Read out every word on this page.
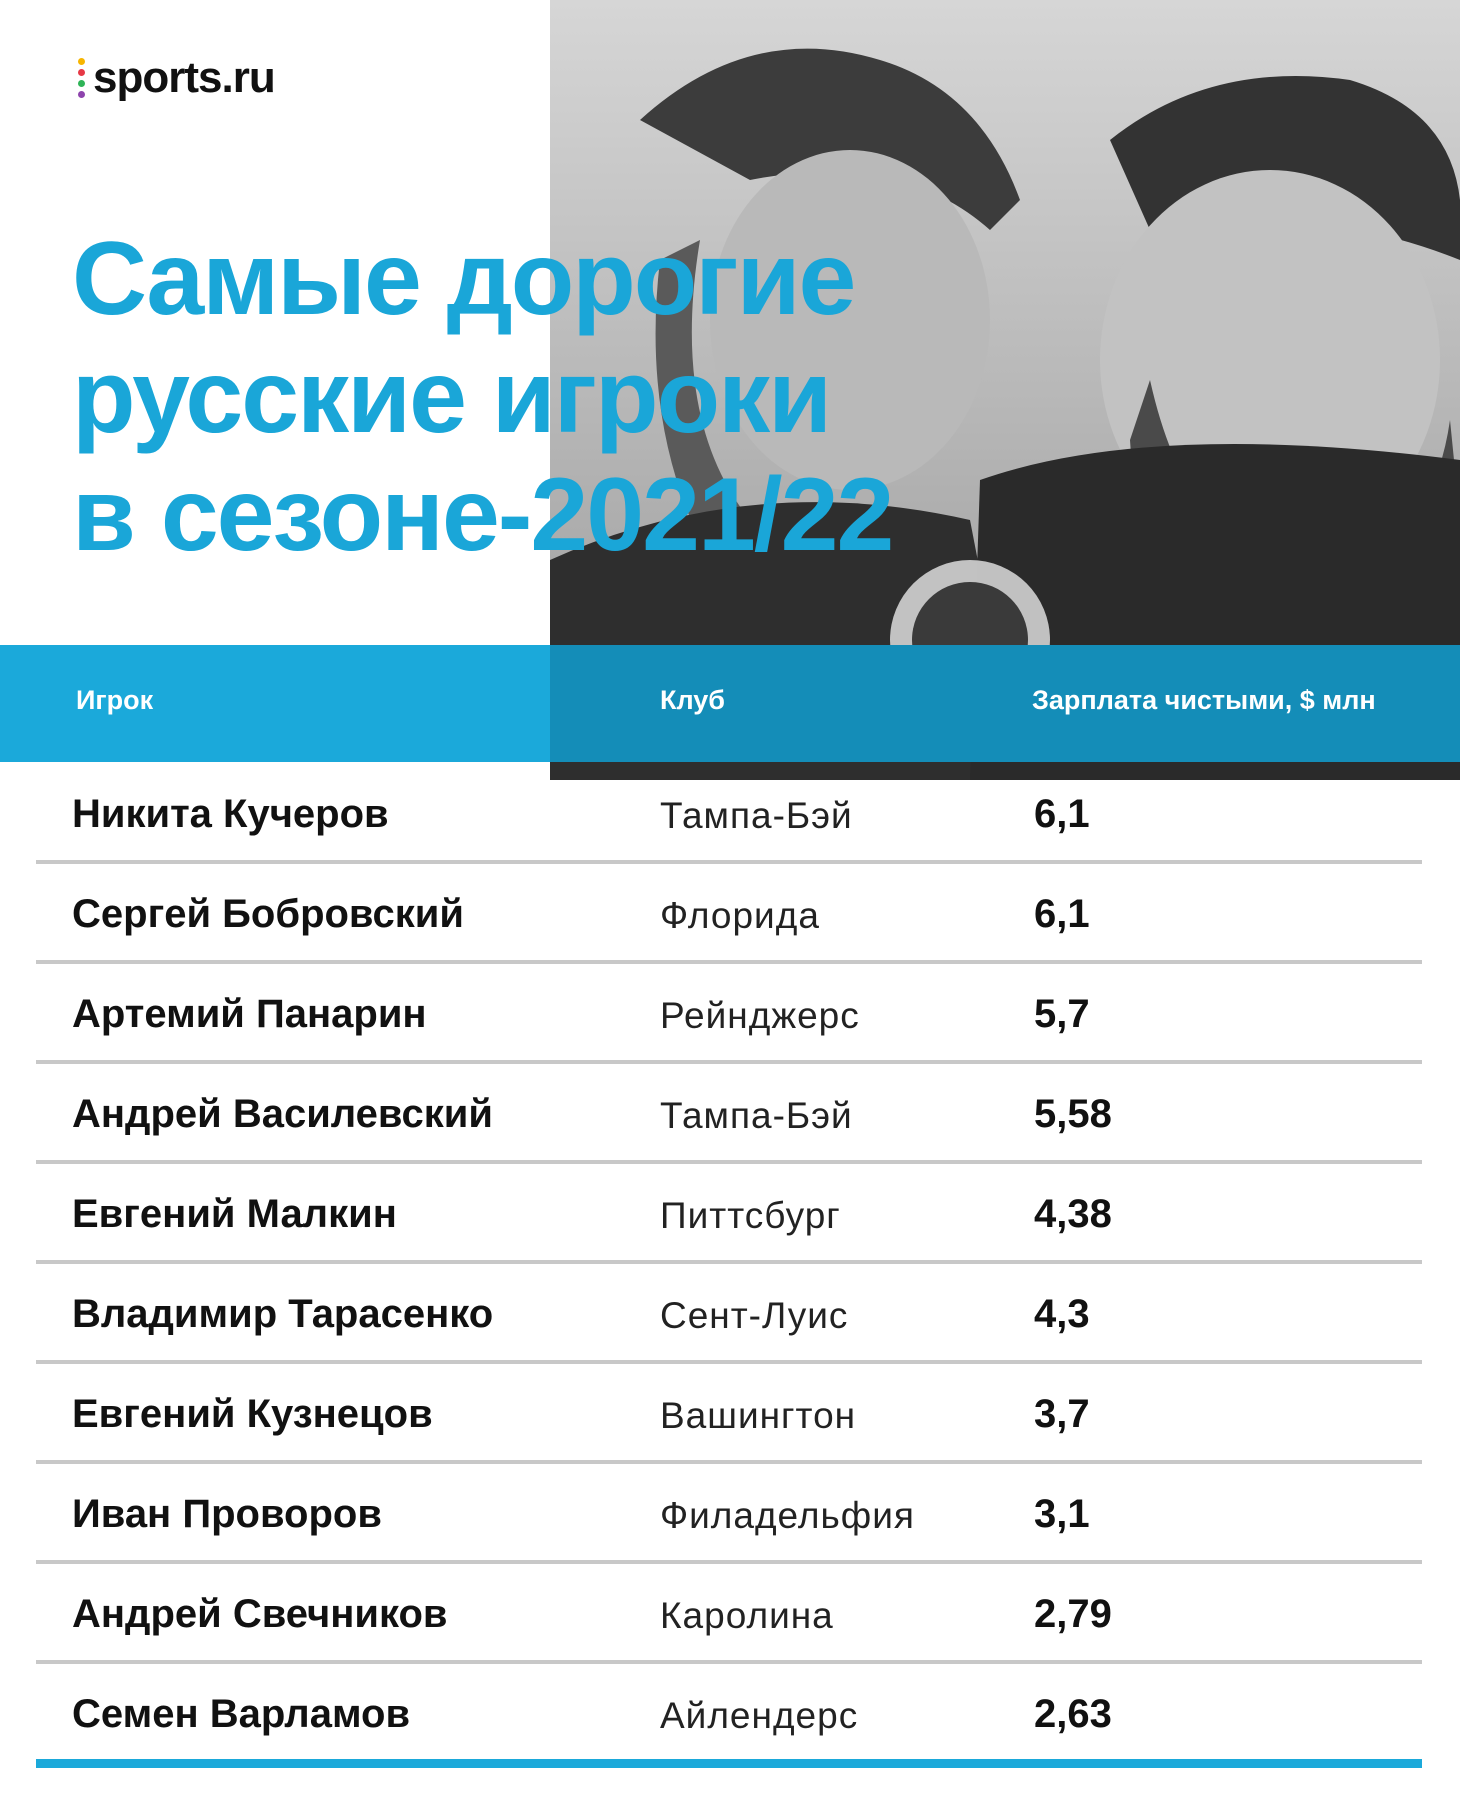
sports.ru
Самые дорогие
русские игроки
в сезоне-2021/22
Игрок	Клуб	Зарплата чистыми, $ млн
Никита Кучеров	Тампа-Бэй	6,1
Сергей Бобровский	Флорида	6,1
Артемий Панарин	Рейнджерс	5,7
Андрей Василевский	Тампа-Бэй	5,58
Евгений Малкин	Питтсбург	4,38
Владимир Тарасенко	Сент-Луис	4,3
Евгений Кузнецов	Вашингтон	3,7
Иван Проворов	Филадельфия	3,1
Андрей Свечников	Каролина	2,79
Семен Варламов	Айлендерс	2,63
